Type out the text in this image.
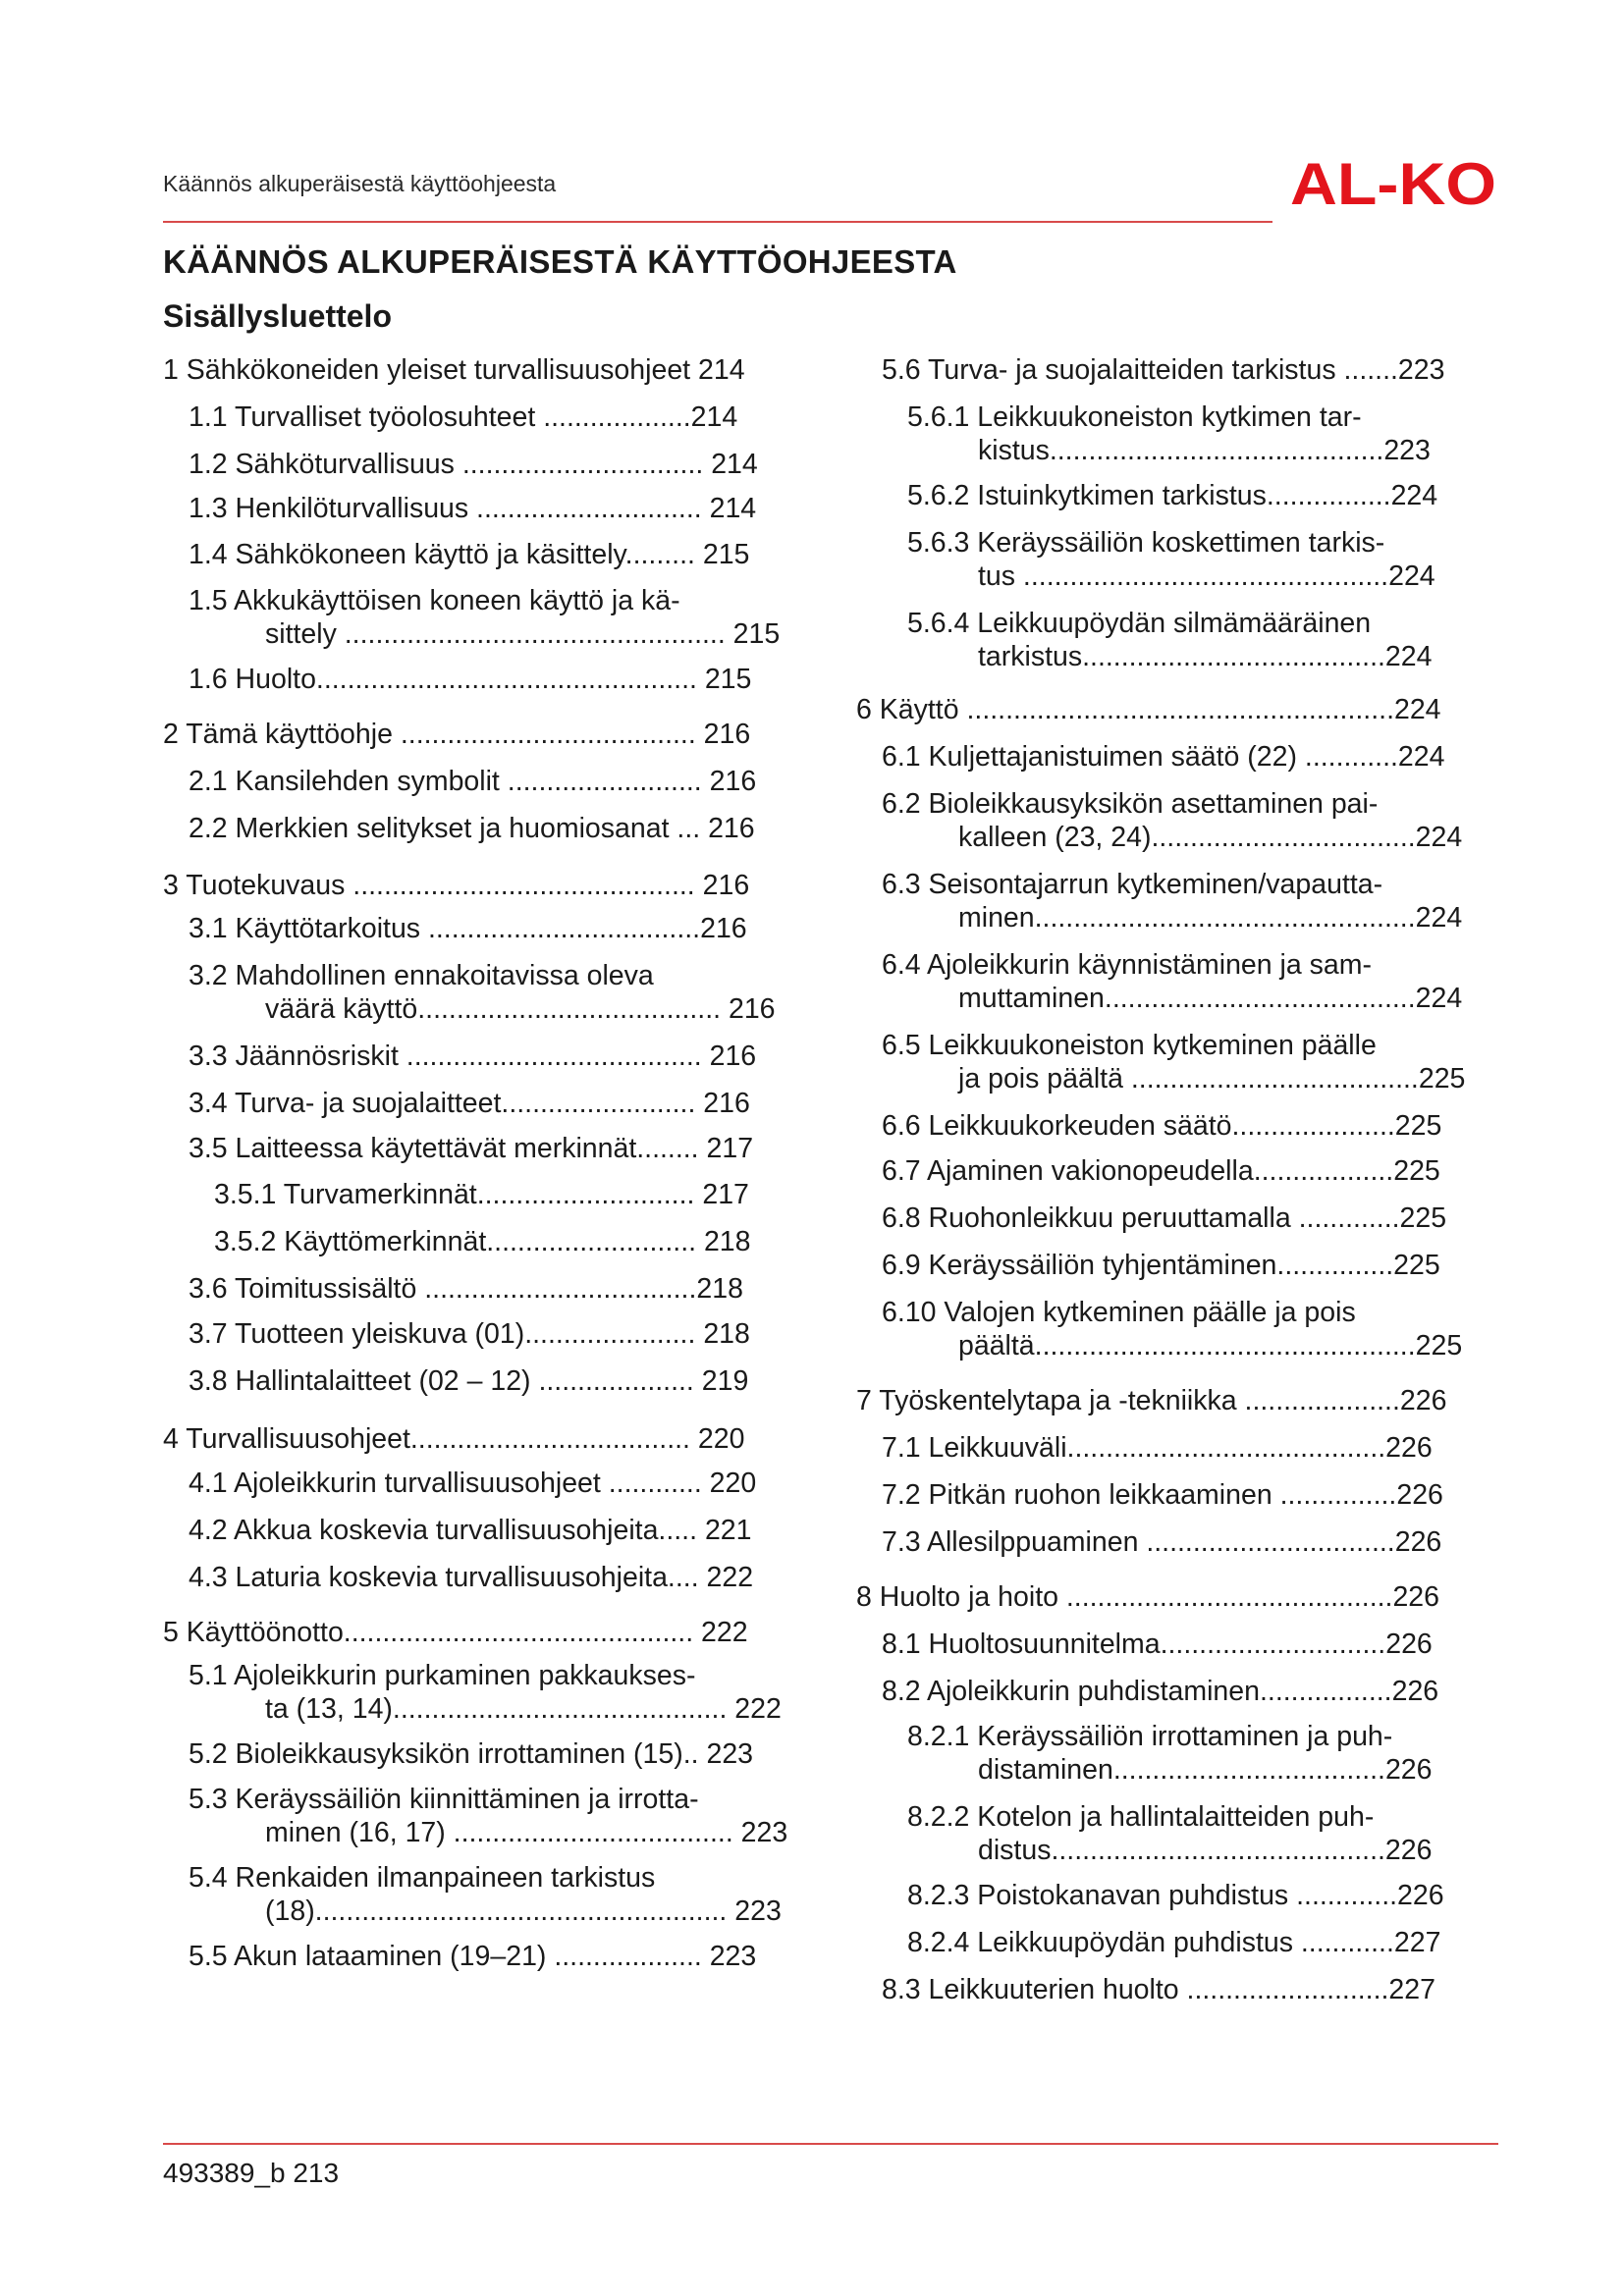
Käännös alkuperäisestä käyttöohjeesta	AL-KO
KÄÄNNÖS ALKUPERÄISESTÄ KÄYTTÖOHJEESTA
Sisällysluettelo
1 Sähkökoneiden yleiset turvallisuusohjeet 214
1.1 Turvalliset työolosuhteet ...................214
1.2 Sähköturvallisuus ............................... 214
1.3 Henkilöturvallisuus ............................. 214
1.4 Sähkökoneen käyttö ja käsittely......... 215
1.5 Akkukäyttöisen koneen käyttö ja kä-
sittely ................................................. 215
1.6 Huolto................................................. 215
2 Tämä käyttöohje ...................................... 216
2.1 Kansilehden symbolit ......................... 216
2.2 Merkkien selitykset ja huomiosanat ... 216
3 Tuotekuvaus ............................................ 216
3.1 Käyttötarkoitus ...................................216
3.2 Mahdollinen ennakoitavissa oleva
väärä käyttö....................................... 216
3.3 Jäännösriskit ...................................... 216
3.4 Turva- ja suojalaitteet......................... 216
3.5 Laitteessa käytettävät merkinnät........ 217
3.5.1 Turvamerkinnät............................ 217
3.5.2 Käyttömerkinnät........................... 218
3.6 Toimitussisältö ...................................218
3.7 Tuotteen yleiskuva (01)...................... 218
3.8 Hallintalaitteet (02 – 12) .................... 219
4 Turvallisuusohjeet.................................... 220
4.1 Ajoleikkurin turvallisuusohjeet ............ 220
4.2 Akkua koskevia turvallisuusohjeita..... 221
4.3 Laturia koskevia turvallisuusohjeita.... 222
5 Käyttöönotto............................................. 222
5.1 Ajoleikkurin purkaminen pakkaukses-
ta (13, 14)........................................... 222
5.2 Bioleikkausyksikön irrottaminen (15).. 223
5.3 Keräyssäiliön kiinnittäminen ja irrotta-
minen (16, 17) .................................... 223
5.4 Renkaiden ilmanpaineen tarkistus
(18)..................................................... 223
5.5 Akun lataaminen (19–21) ................... 223
5.6 Turva- ja suojalaitteiden tarkistus .......223
5.6.1 Leikkuukoneiston kytkimen tar-
kistus...........................................223
5.6.2 Istuinkytkimen tarkistus................224
5.6.3 Keräyssäiliön koskettimen tarkis-
tus ...............................................224
5.6.4 Leikkuupöydän silmämääräinen
tarkistus.......................................224
6 Käyttö .......................................................224
6.1 Kuljettajanistuimen säätö (22) ............224
6.2 Bioleikkausyksikön asettaminen pai-
kalleen (23, 24)..................................224
6.3 Seisontajarrun kytkeminen/vapautta-
minen.................................................224
6.4 Ajoleikkurin käynnistäminen ja sam-
muttaminen........................................224
6.5 Leikkuukoneiston kytkeminen päälle
ja pois päältä .....................................225
6.6 Leikkuukorkeuden säätö.....................225
6.7 Ajaminen vakionopeudella..................225
6.8 Ruohonleikkuu peruuttamalla .............225
6.9 Keräyssäiliön tyhjentäminen...............225
6.10 Valojen kytkeminen päälle ja pois
päältä.................................................225
7 Työskentelytapa ja -tekniikka ....................226
7.1 Leikkuuväli.........................................226
7.2 Pitkän ruohon leikkaaminen ...............226
7.3 Allesilppuaminen ................................226
8 Huolto ja hoito ..........................................226
8.1 Huoltosuunnitelma.............................226
8.2 Ajoleikkurin puhdistaminen.................226
8.2.1 Keräyssäiliön irrottaminen ja puh-
distaminen...................................226
8.2.2 Kotelon ja hallintalaitteiden puh-
distus...........................................226
8.2.3 Poistokanavan puhdistus .............226
8.2.4 Leikkuupöydän puhdistus ............227
8.3 Leikkuuterien huolto ..........................227
493389_b 213
